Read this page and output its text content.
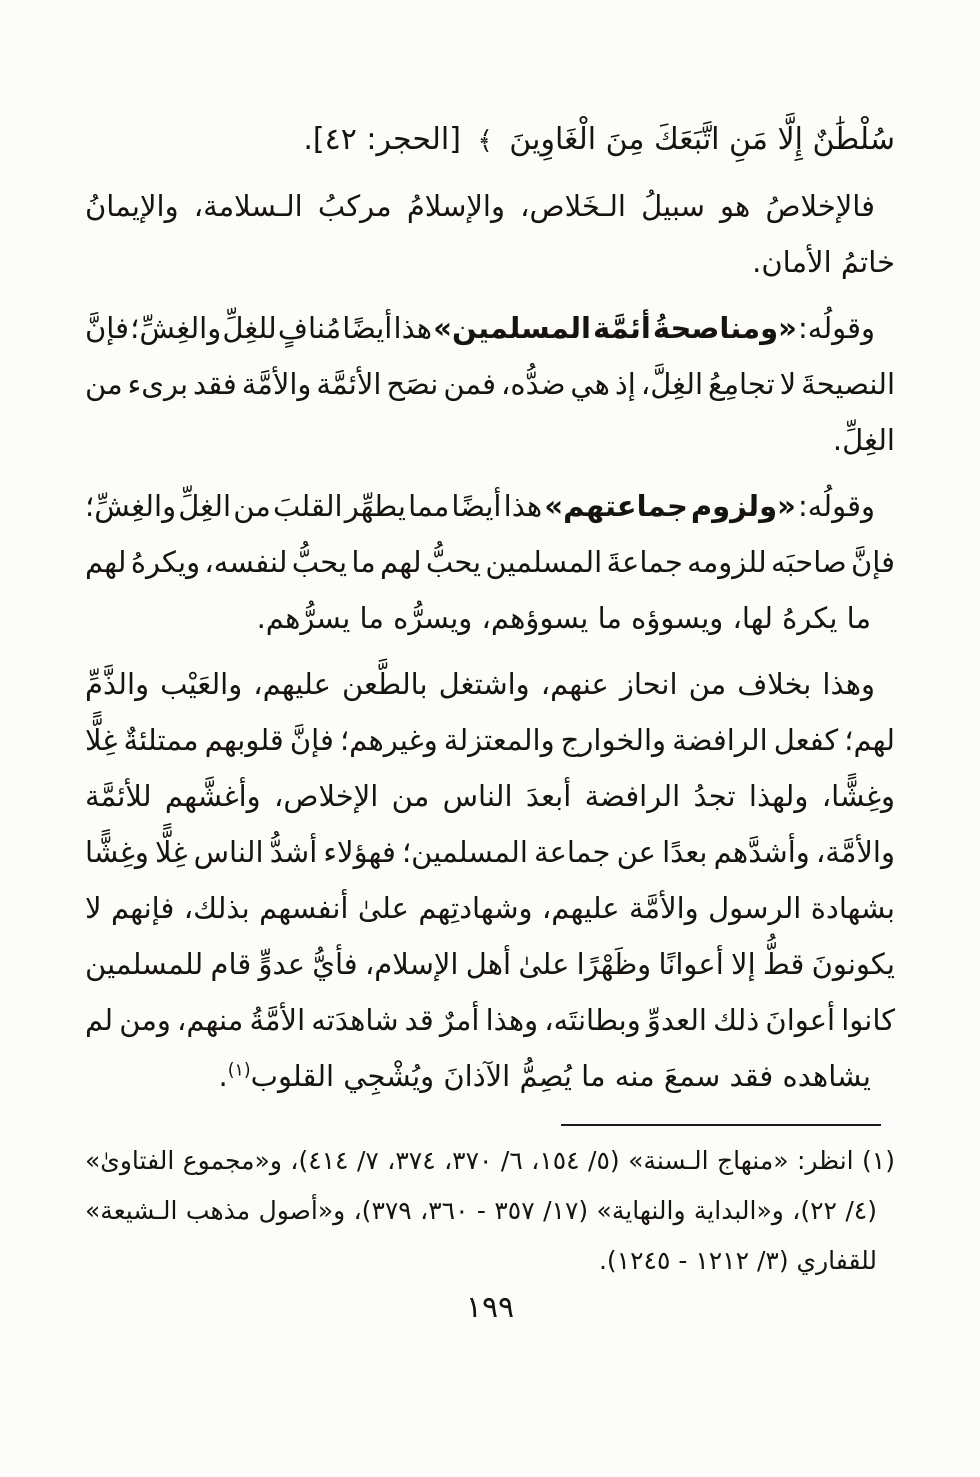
سُلْطَٰنٌ إِلَّا مَنِ اتَّبَعَكَ مِنَ الْغَاوِينَ ﴾ [الحجر: ٤٢].
فالإخلاصُ هو سبيلُ الـخَلاص، والإسلامُ مركبُ الـسلامة، والإيمانُ
خاتمُ الأمان.
وقولُه: «ومناصحةُ أئمَّة المسلمين» هذا أيضًا مُنافٍ للغِلِّ والغِشِّ؛ فإنَّ
النصيحةَ لا تجامِعُ الغِلَّ، إذ هي ضدُّه، فمن نصَح الأئمَّة والأمَّة فقد برىء من
الغِلِّ.
وقولُه: «ولزوم جماعتهم» هذا أيضًا مما يطهِّر القلبَ من الغِلِّ والغِشِّ؛
فإنَّ صاحبَه للزومه جماعةَ المسلمين يحبُّ لهم ما يحبُّ لنفسه، ويكرهُ لهم
ما يكرهُ لها، ويسوؤه ما يسوؤهم، ويسرُّه ما يسرُّهم.
وهذا بخلاف من انحاز عنهم، واشتغل بالطَّعن عليهم، والعَيْب والذَّمِّ
لهم؛ كفعل الرافضة والخوارج والمعتزلة وغيرهم؛ فإنَّ قلوبهم ممتلئةٌ غِلًّا
وغِشًّا، ولهذا تجدُ الرافضة أبعدَ الناس من الإخلاص، وأغشَّهم للأئمَّة
والأمَّة، وأشدَّهم بعدًا عن جماعة المسلمين؛ فهؤلاء أشدُّ الناس غِلًّا وغِشًّا
بشهادة الرسول والأمَّة عليهم، وشهادتِهم علىٰ أنفسهم بذلك، فإنهم لا
يكونونَ قطُّ إلا أعوانًا وظَهْرًا علىٰ أهل الإسلام، فأيُّ عدوٍّ قام للمسلمين
كانوا أعوانَ ذلك العدوِّ وبطانتَه، وهذا أمرٌ قد شاهدَته الأمَّةُ منهم، ومن لم
يشاهده فقد سمعَ منه ما يُصِمُّ الآذانَ ويُشْجِي القلوب$^{(١)}$.
(١) انظر: «منهاج الـسنة» (٥/ ١٥٤، ٦/ ٣٧٠، ٣٧٤، ٧/ ٤١٤)، و«مجموع الفتاوىٰ»
(٤/ ٢٢)، و«البداية والنهاية» (١٧/ ٣٥٧ - ٣٦٠، ٣٧٩)، و«أصول مذهب الـشيعة»
للقفاري (٣/ ١٢١٢ - ١٢٤٥).
١٩٩
